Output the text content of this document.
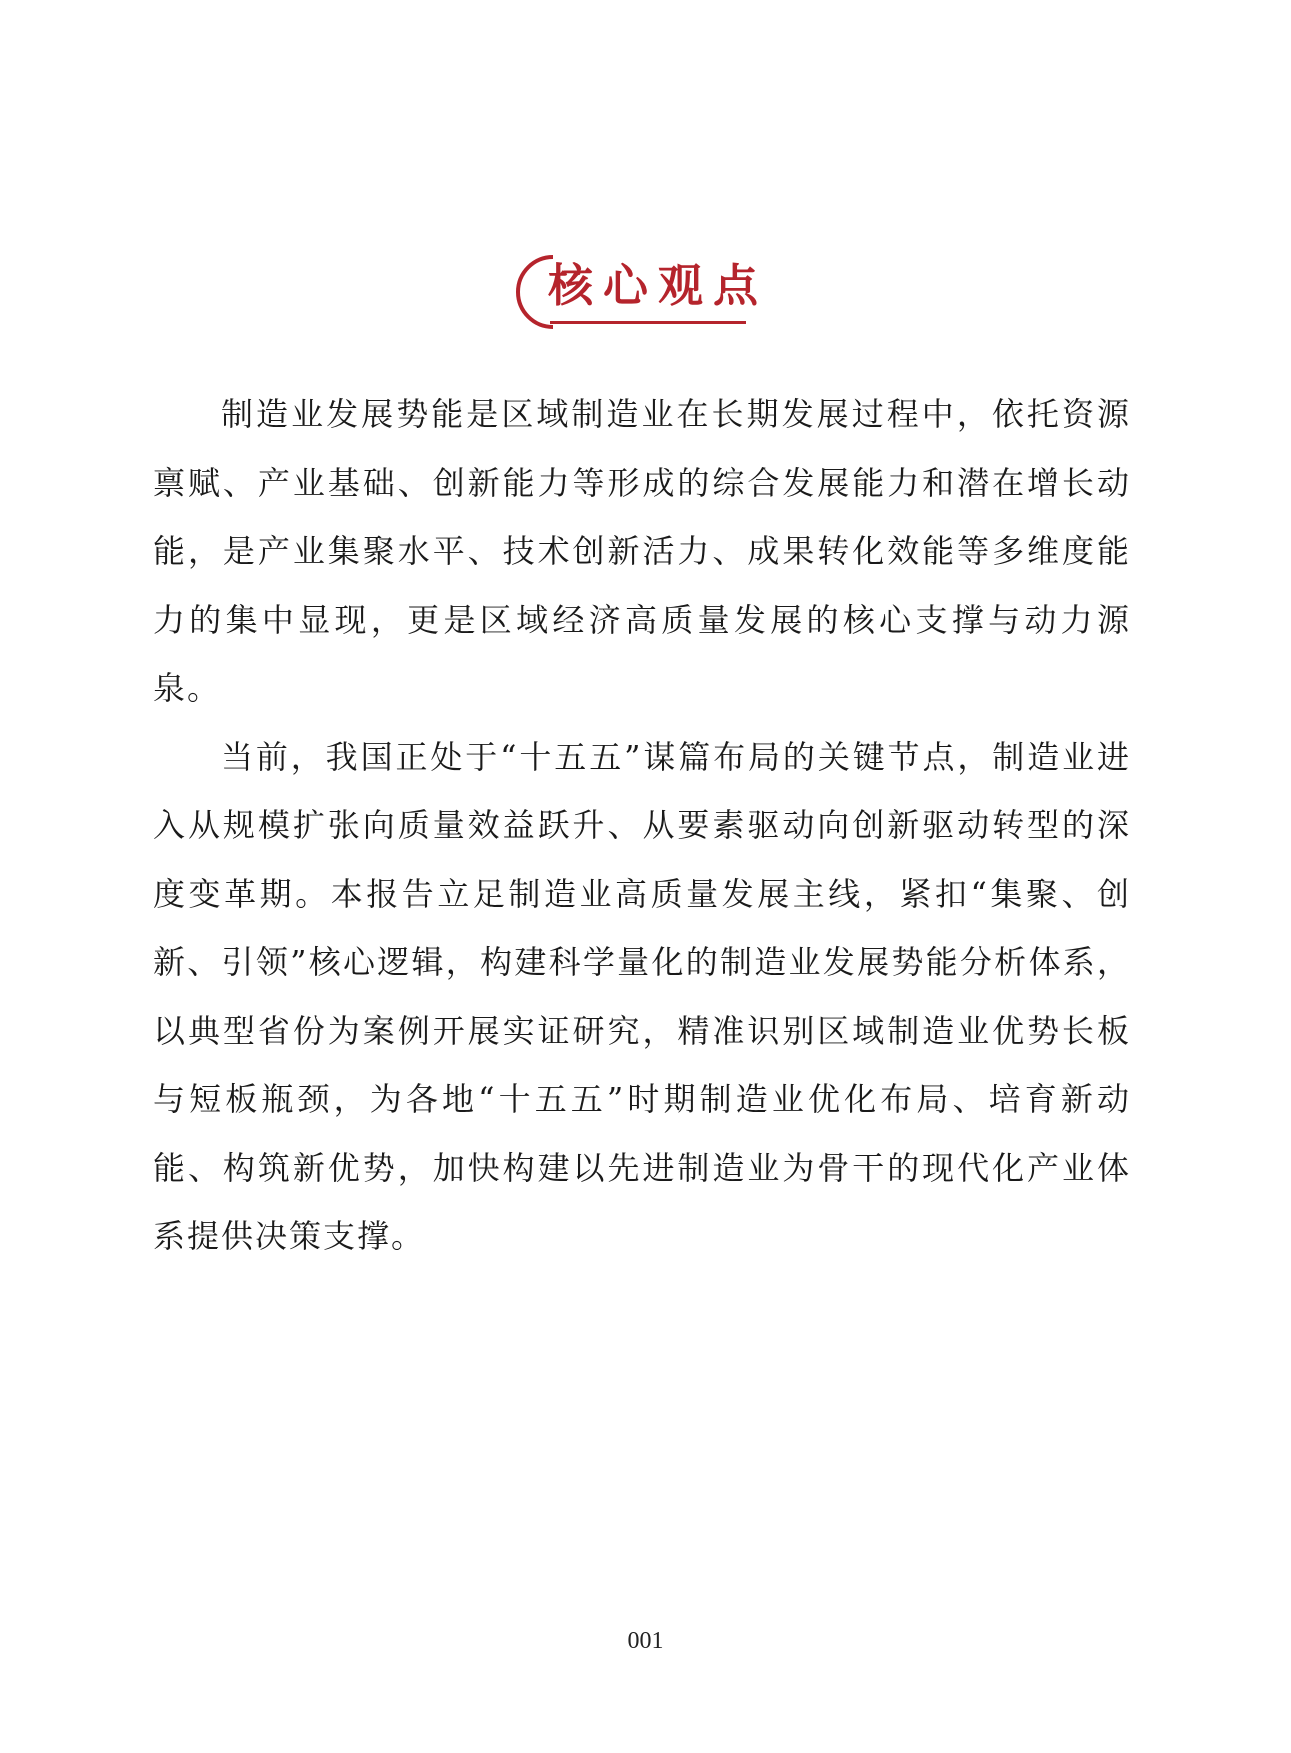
核心观点

制造业发展势能是区域制造业在长期发展过程中，依托资源禀赋、产业基础、创新能力等形成的综合发展能力和潜在增长动能，是产业集聚水平、技术创新活力、成果转化效能等多维度能力的集中显现，更是区域经济高质量发展的核心支撑与动力源泉。

当前，我国正处于“十五五”谋篇布局的关键节点，制造业进入从规模扩张向质量效益跃升、从要素驱动向创新驱动转型的深度变革期。本报告立足制造业高质量发展主线，紧扣“集聚、创新、引领”核心逻辑，构建科学量化的制造业发展势能分析体系，以典型省份为案例开展实证研究，精准识别区域制造业优势长板与短板瓶颈，为各地“十五五”时期制造业优化布局、培育新动能、构筑新优势，加快构建以先进制造业为骨干的现代化产业体系提供决策支撑。

001
